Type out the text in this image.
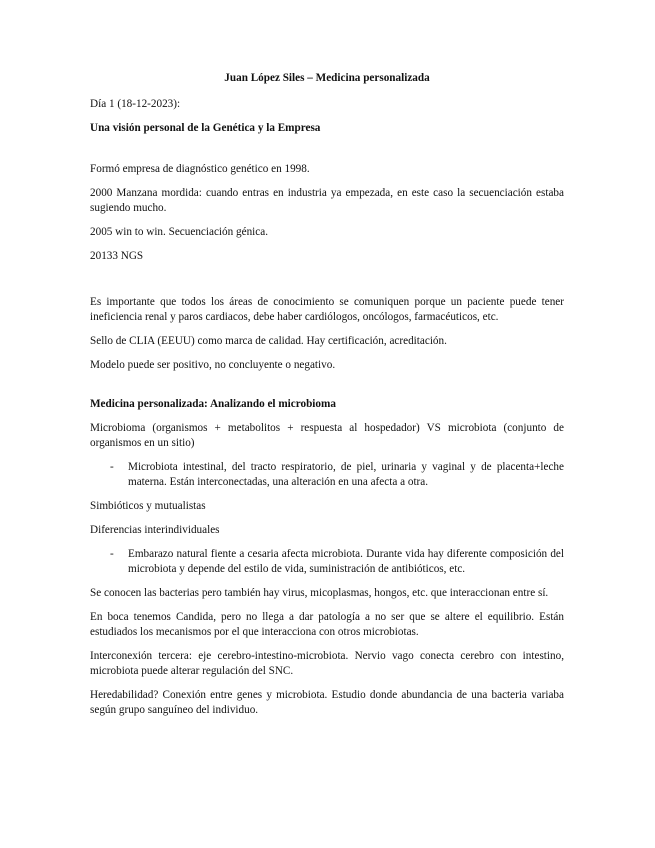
Juan López Siles – Medicina personalizada

Día 1 (18-12-2023):

Una visión personal de la Genética y la Empresa

Formó empresa de diagnóstico genético en 1998.

2000 Manzana mordida: cuando entras en industria ya empezada, en este caso la secuenciación estaba sugiendo mucho.

2005 win to win. Secuenciación génica.

20133 NGS

Es importante que todos los áreas de conocimiento se comuniquen porque un paciente puede tener ineficiencia renal y paros cardiacos, debe haber cardiólogos, oncólogos, farmacéuticos, etc.

Sello de CLIA (EEUU) como marca de calidad. Hay certificación, acreditación.

Modelo puede ser positivo, no concluyente o negativo.

Medicina personalizada: Analizando el microbioma

Microbioma (organismos + metabolitos + respuesta al hospedador) VS microbiota (conjunto de organismos en un sitio)

- Microbiota intestinal, del tracto respiratorio, de piel, urinaria y vaginal y de placenta+leche materna. Están interconectadas, una alteración en una afecta a otra.

Simbióticos y mutualistas

Diferencias interindividuales

- Embarazo natural fiente a cesaria afecta microbiota. Durante vida hay diferente composición del microbiota y depende del estilo de vida, suministración de antibióticos, etc.

Se conocen las bacterias pero también hay virus, micoplasmas, hongos, etc. que interaccionan entre sí.

En boca tenemos Candida, pero no llega a dar patología a no ser que se altere el equilibrio. Están estudiados los mecanismos por el que interacciona con otros microbiotas.

Interconexión tercera: eje cerebro-intestino-microbiota. Nervio vago conecta cerebro con intestino, microbiota puede alterar regulación del SNC.

Heredabilidad? Conexión entre genes y microbiota. Estudio donde abundancia de una bacteria variaba según grupo sanguíneo del individuo.
